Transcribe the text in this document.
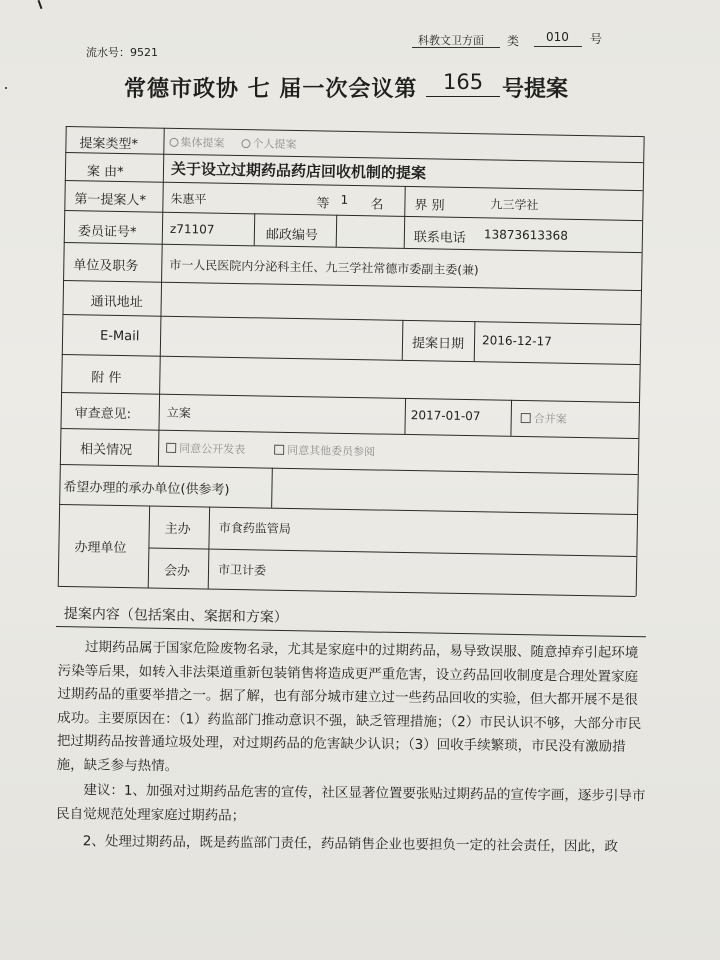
流水号：9521
科教文卫方面 类 010 号
常德市政协 七 届一次会议第 165 号提案
提案类型*	集体提案	个人提案
案 由*	关于设立过期药品药店回收机制的提案
第一提案人* 朱惠平	等 1 名 界 别	九三学社
委员证号*	z71107	邮政编号	联系电话 13873613368
单位及职务	市一人民医院内分泌科主任、九三学社常德市委副主委(兼)
通讯地址
E-Mail	提案日期 2016-12-17
附 件
审查意见:	立案	2017-01-07	合并案
相关情况	同意公开发表	同意其他委员参阅
希望办理的承办单位(供参考)
办理单位
主办 市食药监管局
会办 市卫计委
提案内容（包括案由、案据和方案）

过期药品属于国家危险废物名录，尤其是家庭中的过期药品，易导致误服、随意掉弃引起环境污染等后果，如转入非法渠道重新包装销售将造成更严重危害，设立药品回收制度是合理处置家庭过期药品的重要举措之一。据了解，也有部分城市建立过一些药品回收的实验，但大都开展不是很成功。主要原因在：（1）药监部门推动意识不强，缺乏管理措施；（2）市民认识不够，大部分市民把过期药品按普通垃圾处理，对过期药品的危害缺少认识；（3）回收手续繁琐，市民没有激励措施，缺乏参与热情。

建议：1、加强对过期药品危害的宣传，社区显著位置要张贴过期药品的宣传字画，逐步引导市民自觉规范处理家庭过期药品；

2、处理过期药品，既是药监部门责任，药品销售企业也要担负一定的社会责任，因此，政
